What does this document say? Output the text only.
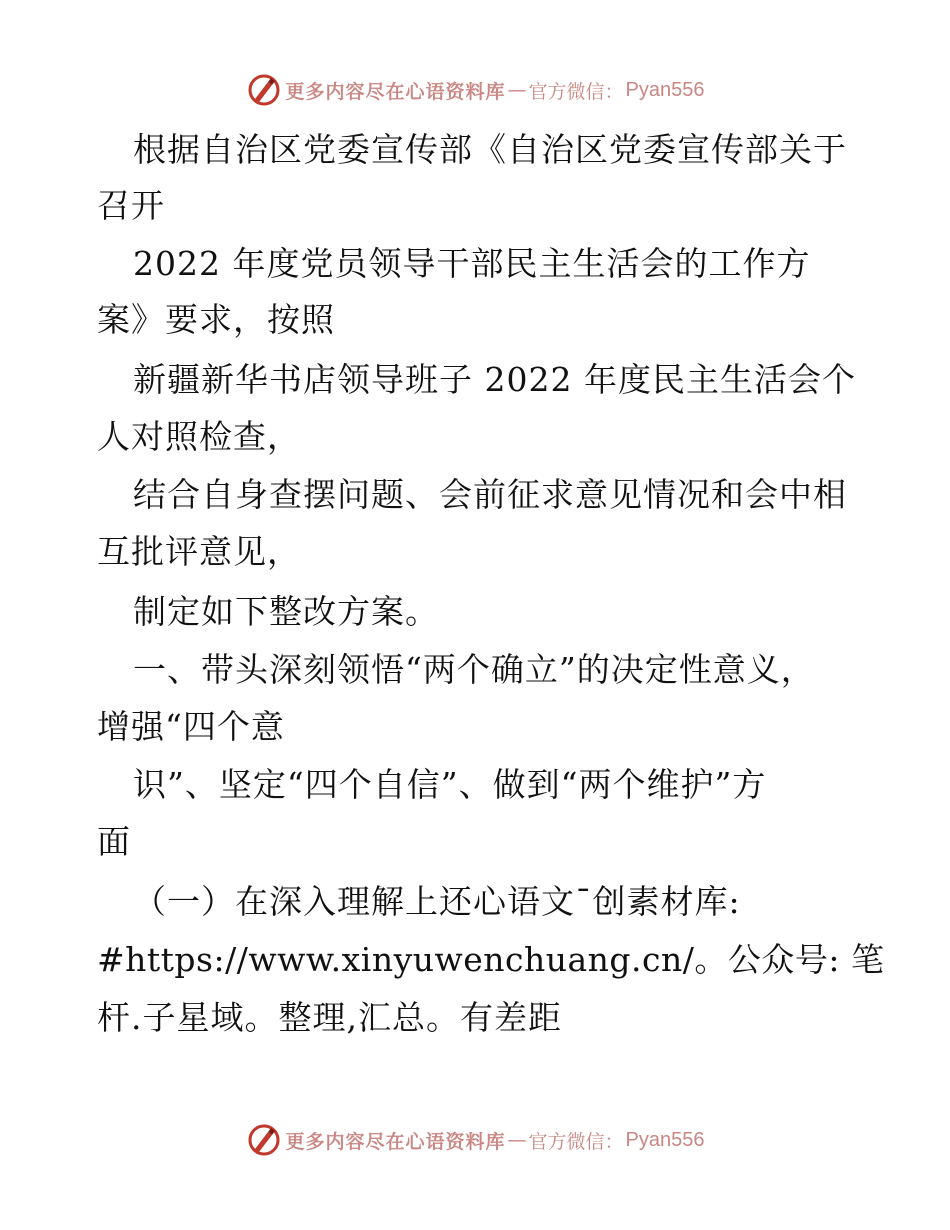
更多内容尽在心语资料库 — 官方微信： Pyan556
根据自治区党委宣传部《自治区党委宣传部关于
召开
2022 年度党员领导干部民主生活会的工作方
案》要求，按照
新疆新华书店领导班子 2022 年度民主生活会个
人对照检查，
结合自身查摆问题、会前征求意见情况和会中相
互批评意见，
制定如下整改方案。
一、带头深刻领悟“两个确立”的决定性意义，
增强“四个意
识”、坚定“四个自信”、做到“两个维护”方
面
（一）在深入理解上还心语文¯创素材库:
#https://www.xinyuwenchuang.cn/。公众号: 笔
杆.子星域。整理,汇总。有差距
更多内容尽在心语资料库 — 官方微信： Pyan556
